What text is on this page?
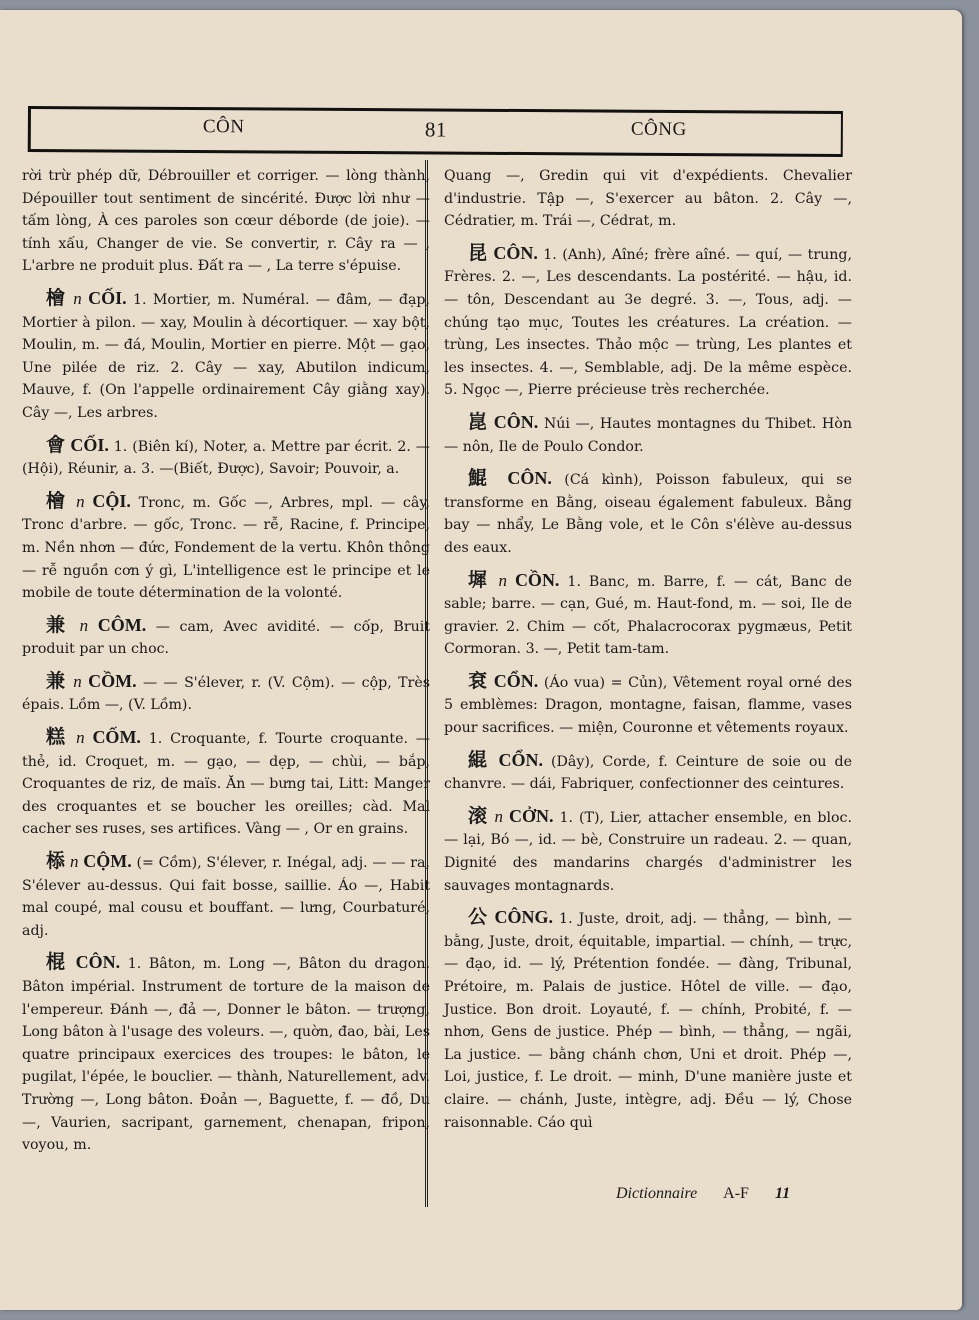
CÔN	81	CÔNG

rời trừ phép dữ, Débrouiller et corriger. — lòng thành, Dépouiller tout sentiment de sincérité. Được lời như — tấm lòng, À ces paroles son cœur déborde (de joie). — tính xấu, Changer de vie. Se convertir, r. Cây ra — , L'arbre ne produit plus. Đất ra — , La terre s'épuise.

檜 n CỐI. 1. Mortier, m. Numéral. — đâm, — đạp, Mortier à pilon. — xay, Moulin à décortiquer. — xay bột, Moulin, m. — đá, Moulin, Mortier en pierre. Một — gạo, Une pilée de riz. 2. Cây — xay, Abutilon indicum, Mauve, f. (On l'appelle ordinairement Cây giằng xay). Cây —, Les arbres.

會 CỐI. 1. (Biên kí), Noter, a. Mettre par écrit. 2. —(Hội), Réunir, a. 3. —(Biết, Được), Savoir; Pouvoir, a.

檜 n CỘI. Tronc, m. Gốc —, Arbres, mpl. — cây, Tronc d'arbre. — gốc, Tronc. — rễ, Racine, f. Principe, m. Nền nhơn — đức, Fondement de la vertu. Khôn thông — rễ nguồn cơn ý gì, L'intelligence est le principe et le mobile de toute détermination de la volonté.

兼 n CÔM. — cam, Avec avidité. — cốp, Bruit produit par un choc.

兼 n CỒM. — — S'élever, r. (V. Cộm). — cộp, Très épais. Lồm —, (V. Lồm).

糕 n CỐM. 1. Croquante, f. Tourte croquante. — thẻ, id. Croquet, m. — gạo, — dẹp, — chùi, — bắp, Croquantes de riz, de maïs. Ăn — bưng tai, Litt: Manger des croquantes et se boucher les oreilles; càd. Mal cacher ses ruses, ses artifices. Vàng — , Or en grains.

㮇 n CỘM. (= Cồm), S'élever, r. Inégal, adj. — — ra, S'élever au-dessus. Qui fait bosse, saillie. Áo —, Habit mal coupé, mal cousu et bouffant. — lưng, Courbaturé, adj.

棍 CÔN. 1. Bâton, m. Long —, Bâton du dragon. Bâton impérial. Instrument de torture de la maison de l'empereur. Đánh —, đả —, Donner le bâton. — trượng, Long bâton à l'usage des voleurs. —, quờn, đao, bài, Les quatre principaux exercices des troupes: le bâton, le pugilat, l'épée, le bouclier. — thành, Naturellement, adv. Trường —, Long bâton. Đoản —, Baguette, f. — đồ, Du —, Vaurien, sacripant, garnement, chenapan, fripon, voyou, m.

Quang —, Gredin qui vit d'expédients. Chevalier d'industrie. Tập —, S'exercer au bâton. 2. Cây —, Cédratier, m. Trái —, Cédrat, m.

昆 CÔN. 1. (Anh), Aîné; frère aîné. — quí, — trung, Frères. 2. —, Les descendants. La postérité. — hậu, id. — tôn, Descendant au 3e degré. 3. —, Tous, adj. — chúng tạo mục, Toutes les créatures. La création. — trùng, Les insectes. Thảo mộc — trùng, Les plantes et les insectes. 4. —, Semblable, adj. De la même espèce. 5. Ngọc —, Pierre précieuse très recherchée.

崑 CÔN. Núi —, Hautes montagnes du Thibet. Hòn — nôn, Ile de Poulo Condor.

鯤 CÔN. (Cá kình), Poisson fabuleux, qui se transforme en Bằng, oiseau également fabuleux. Bằng bay — nhẩy, Le Bằng vole, et le Côn s'élève au-dessus des eaux.

墀 n CỒN. 1. Banc, m. Barre, f. — cát, Banc de sable; barre. — cạn, Gué, m. Haut-fond, m. — soi, Ile de gravier. 2. Chim — cốt, Phalacrocorax pygmæus, Petit Cormoran. 3. —, Petit tam-tam.

袞 CỔN. (Áo vua) = Củn), Vêtement royal orné des 5 emblèmes: Dragon, montagne, faisan, flamme, vases pour sacrifices. — miện, Couronne et vêtements royaux.

緄 CỔN. (Dây), Corde, f. Ceinture de soie ou de chanvre. — dái, Fabriquer, confectionner des ceintures.

滚 n CỞN. 1. (T), Lier, attacher ensemble, en bloc. — lại, Bó —, id. — bè, Construire un radeau. 2. — quan, Dignité des mandarins chargés d'administrer les sauvages montagnards.

公 CÔNG. 1. Juste, droit, adj. — thẳng, — bình, — bằng, Juste, droit, équitable, impartial. — chính, — trực, — đạo, id. — lý, Prétention fondée. — đàng, Tribunal, Prétoire, m. Palais de justice. Hôtel de ville. — đạo, Justice. Bon droit. Loyauté, f. — chính, Probité, f. — nhơn, Gens de justice. Phép — bình, — thẳng, — ngãi, La justice. — bằng chánh chơn, Uni et droit. Phép —, Loi, justice, f. Le droit. — minh, D'une manière juste et claire. — chánh, Juste, intègre, adj. Đều — lý, Chose raisonnable. Cáo quì

Dictionnaire A-F 11
